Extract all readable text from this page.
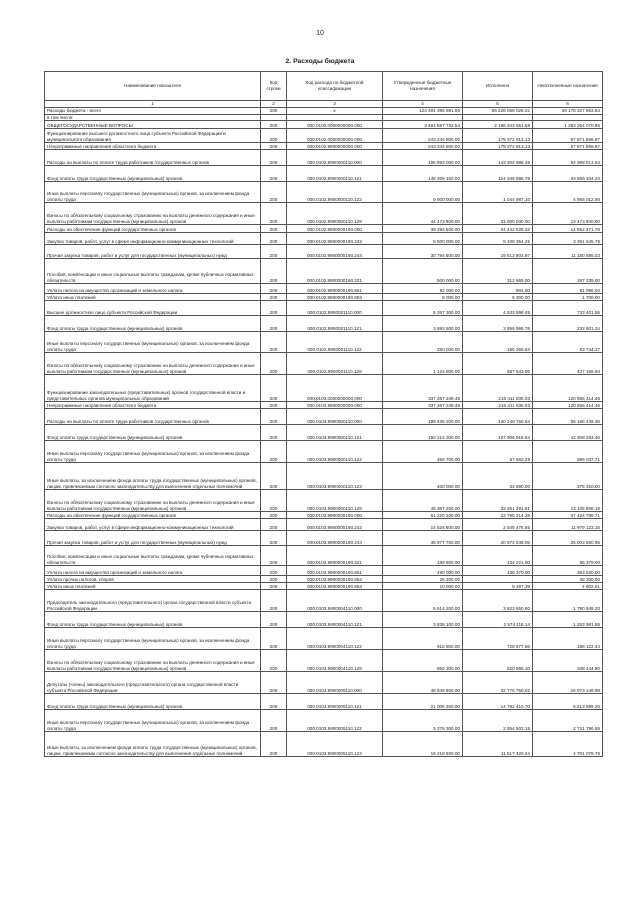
10
2. Расходы бюджета
Наименование показателя	Код строки	Код расхода по бюджетной классификации	Утвержденные бюджетные назначения	Исполнено	Неисполненные назначения
1	2	3	4	5	6
Расходы бюджета - всего	200	x	124 404 395 691.59	85 226 068 028.02	39 178 327 663.54
в том числе:					
ОБЩЕГОСУДАРСТВЕННЫЕ ВОПРОСЫ	200	000.0100.0000000000.000	3 481 597 732.54	2 198 343 651.59	1 283 254 070.95
Функционирование высшего должностного лица субъекта Российской Федерации и муниципального образования	200	000.0102.0000000000.000	243 244 800.00	175 372 913.13	67 871 886.87
Непрограммные направления областного бюджета	200	000.0102.9900000000.000	243 244 800.00	175 372 913.13	67 871 886.87
Расходы на выплаты по оплате труда работников государственных органов	200	000.0102.9900000110.000	195 693 000.00	143 304 986.46	52 388 013.54
Фонд оплаты труда государственных (муниципальных) органов	200	000.0102.9900000110.121	148 209 100.00	114 349 995.76	33 859 104.24
Иные выплаты персоналу государственных (муниципальных) органов, за исключением фонда оплаты труда	200	000.0102.9900000110.122	6 000 000.00	1 044 987.10	4 955 012.90
Взносы по обязательному социальному страхованию на выплаты денежного содержания и иные выплаты работникам государственных (муниципальных) органов	200	000.0102.9900000110.129	44 473 900.00	31 000 030.00	13 473 900.00
Расходы на обеспечение функций государственных органов	200	000.0102.9900000190.000	39 294 500.00	24 442 028.22	14 852 471.78
Закупка товаров, работ, услуг в сфере информационно-коммуникационных технологий	200	000.0102.9900000190.242	8 500 000.00	5 108 354.25	3 391 645.75
Прочая закупка товаров, работ и услуг для государственных (муниципальных) нужд	200	000.0102.9900000190.244	30 794 500.00	19 613 804.97	11 180 695.03
Пособия, компенсации и иные социальные выплаты гражданам, кроме публичных нормативных обязательств	200	000.0102.9900000190.321	500 000.00	312 665.00	187 335.00
Уплата налога на имущество организаций и земельного налога	200	000.0102.9900000190.851	92 000.00	904.00	91 096.00
Уплата иных платежей	200	000.0102.9900000190.853	8 000.00	6 300.00	1 700.00
Высшее должностное лицо субъекта Российской Федерации	200	000.0102.9900001110.000	5 267 300.00	4 533 898.45	733 401.55
Фонд оплаты труда государственных (муниципальных) органов	200	000.0102.9900001110.121	3 892 500.00	3 659 998.76	232 501.24
Иные выплаты персоналу государственных (муниципальных) органов, за исключением фонда оплаты труда	200	000.0102.9900001110.122	250 000.00	186 255.63	63 744.37
Взносы по обязательному социальному страхованию на выплаты денежного содержания и иные выплаты работникам государственных (муниципальных) органов	200	000.0102.9900001110.129	1 124 800.00	687 643.06	437 156.94
Функционирование законодательных (представительных) органов государственной власти и представительных органов муниципальных образований	200	000.0103.0000000000.000	337 267 249.49	216 411 835.03	120 855 414.46
Непрограммные направления областного бюджета	200	000.0103.9900000000.000	337 267 249.49	216 411 835.03	120 855 414.46
Расходы на выплаты по оплате труда работников государственных органов	200	000.0103.9900000110.000	195 438 200.00	140 249 760.64	55 188 439.36
Фонд оплаты труда государственных (муниципальных) органов	200	000.0103.9900000110.121	150 214 300.00	107 906 016.54	42 308 283.46
Иные выплаты персоналу государственных (муниципальных) органов, за исключением фонда оплаты труда	200	000.0103.9900000110.122	456 700.00	57 662.29	399 037.71
Иные выплаты, за исключением фонда оплаты труда государственных (муниципальных) органов, лицам, привлекаемым согласно законодательству для выполнения отдельных полномочий	200	000.0103.9900000110.123	400 000.00	24 690.00	375 310.00
Взносы по обязательному социальному страхованию на выплаты денежного содержания и иные выплаты работникам государственных (муниципальных) органов	200	000.0103.9900000110.129	45 367 200.00	32 261 391.81	13 105 808.19
Расходы на обеспечение функций государственных органов	200	000.0103.9900000190.000	61 220 100.00	23 795 314.29	37 424 785.71
Закупка товаров, работ, услуг в сфере информационно-коммуникационных технологий	200	000.0103.9900000190.242	14 524 600.00	2 545 476.85	11 979 123.15
Прочая закупка товаров, работ и услуг для государственных (муниципальных) нужд	200	000.0103.9900000190.244	45 977 700.00	20 974 049.05	25 003 650.95
Пособия, компенсации и иные социальные выплаты гражданам, кроме публичных нормативных обязательств	200	000.0103.9900000190.321	189 600.00	134 221.00	55 379.00
Уплата налога на имущество организаций и земельного налога	200	000.0103.9900000190.851	490 000.00	136 370.00	353 630.00
Уплата прочих налогов, сборов	200	000.0103.9900000190.852	28 200.00		28 200.00
Уплата иных платежей	200	000.0103.9900000190.853	10 000.00	5 197.39	4 802.61
Председатель законодательного (представительного) органа государственной власти субъекта Российской Федерации	200	000.0103.9900004110.000	5 614 200.00	3 823 650.80	1 790 549.20
Фонд оплаты труда государственных (муниципальных) органов	200	000.0103.9900004110.121	3 838 100.00	2 574 118.14	1 263 981.86
Иные выплаты персоналу государственных (муниципальных) органов, за исключением фонда оплаты труда	200	000.0103.9900004110.122	916 800.00	728 677.56	188 122.44
Взносы по обязательному социальному страхованию на выплаты денежного содержания и иные выплаты работникам государственных (муниципальных) органов	200	000.0103.9900004110.129	859 300.00	520 855.10	338 444.90
Депутаты (члены) законодательного (представительного) органа государственной власти субъекта Российской Федерации	200	000.0103.9900005110.000	48 849 900.00	32 776 750.02	16 073 149.98
Фонд оплаты труда государственных (муниципальных) органов	200	000.0103.9900005110.121	21 006 300.00	14 792 410.70	6 213 889.30
Иные выплаты персоналу государственных (муниципальных) органов, за исключением фонда оплаты труда	200	000.0103.9900005110.122	5 276 300.00	2 554 503.15	2 721 796.85
Иные выплаты, за исключением фонда оплаты труда государственных (муниципальных) органов, лицам, привлекаемым согласно законодательству для выполнения отдельных полномочий	200	000.0103.9900005110.123	16 218 500.00	11 517 420.24	4 701 079.76
